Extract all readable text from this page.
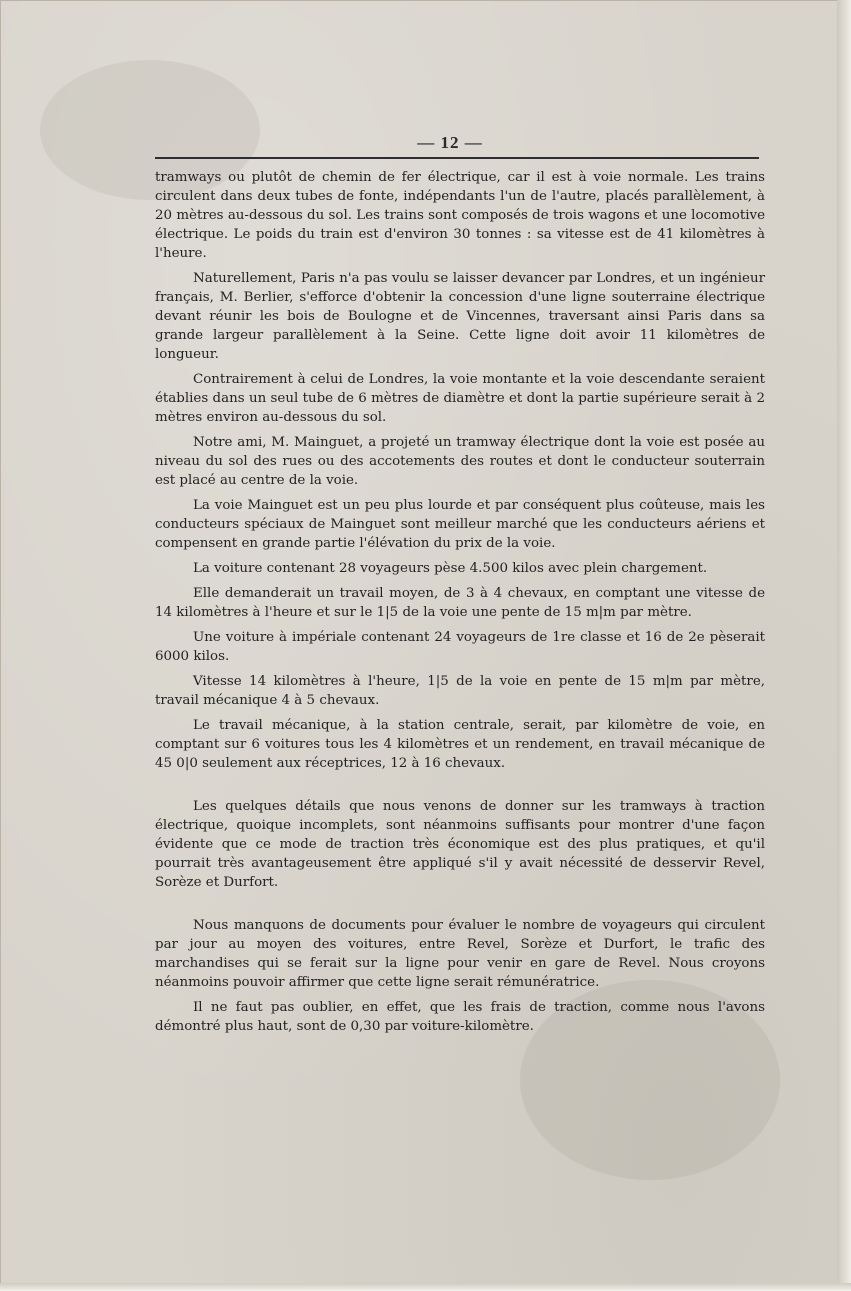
— 12 —

tramways ou plutôt de chemin de fer électrique, car il est à voie normale. Les trains circulent dans deux tubes de fonte, indépendants l'un de l'autre, placés parallèlement, à 20 mètres au-dessous du sol. Les trains sont composés de trois wagons et une locomotive électrique. Le poids du train est d'environ 30 tonnes : sa vitesse est de 41 kilomètres à l'heure.

Naturellement, Paris n'a pas voulu se laisser devancer par Londres, et un ingénieur français, M. Berlier, s'efforce d'obtenir la concession d'une ligne souterraine électrique devant réunir les bois de Boulogne et de Vincennes, traversant ainsi Paris dans sa grande largeur parallèlement à la Seine. Cette ligne doit avoir 11 kilomètres de longueur.

Contrairement à celui de Londres, la voie montante et la voie descendante seraient établies dans un seul tube de 6 mètres de diamètre et dont la partie supérieure serait à 2 mètres environ au-dessous du sol.

Notre ami, M. Mainguet, a projeté un tramway électrique dont la voie est posée au niveau du sol des rues ou des accotements des routes et dont le conducteur souterrain est placé au centre de la voie.

La voie Mainguet est un peu plus lourde et par conséquent plus coûteuse, mais les conducteurs spéciaux de Mainguet sont meilleur marché que les conducteurs aériens et compensent en grande partie l'élévation du prix de la voie.

La voiture contenant 28 voyageurs pèse 4.500 kilos avec plein chargement.

Elle demanderait un travail moyen, de 3 à 4 chevaux, en comptant une vitesse de 14 kilomètres à l'heure et sur le 1|5 de la voie une pente de 15 m|m par mètre.

Une voiture à impériale contenant 24 voyageurs de 1re classe et 16 de 2e pèserait 6000 kilos.

Vitesse 14 kilomètres à l'heure, 1|5 de la voie en pente de 15 m|m par mètre, travail mécanique 4 à 5 chevaux.

Le travail mécanique, à la station centrale, serait, par kilomètre de voie, en comptant sur 6 voitures tous les 4 kilomètres et un rendement, en travail mécanique de 45 0|0 seulement aux réceptrices, 12 à 16 chevaux.

Les quelques détails que nous venons de donner sur les tramways à traction électrique, quoique incomplets, sont néanmoins suffisants pour montrer d'une façon évidente que ce mode de traction très économique est des plus pratiques, et qu'il pourrait très avantageusement être appliqué s'il y avait nécessité de desservir Revel, Sorèze et Durfort.

Nous manquons de documents pour évaluer le nombre de voyageurs qui circulent par jour au moyen des voitures, entre Revel, Sorèze et Durfort, le trafic des marchandises qui se ferait sur la ligne pour venir en gare de Revel. Nous croyons néanmoins pouvoir affirmer que cette ligne serait rémunératrice.

Il ne faut pas oublier, en effet, que les frais de traction, comme nous l'avons démontré plus haut, sont de 0,30 par voiture-kilomètre.
